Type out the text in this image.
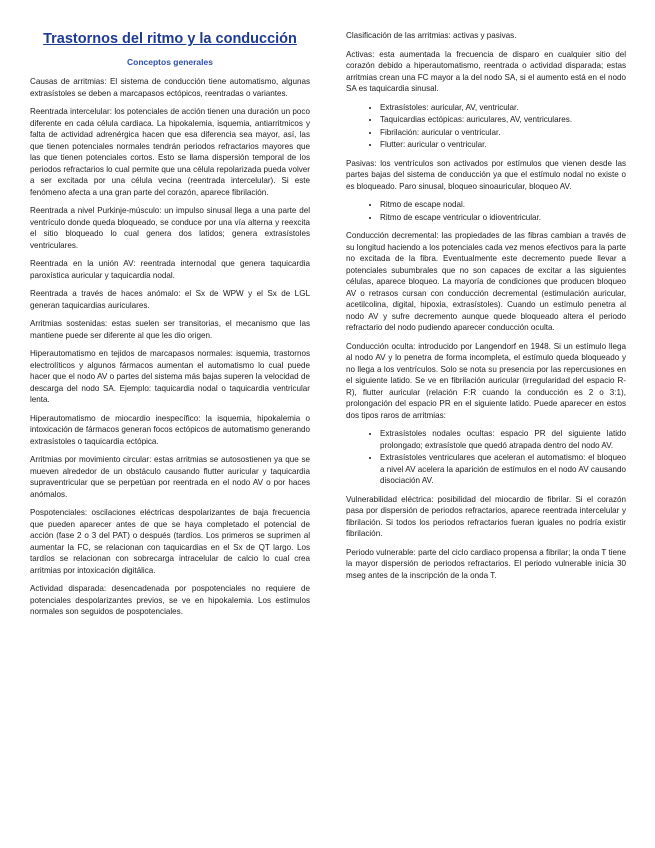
Trastornos del ritmo y la conducción
Conceptos generales

Causas de arritmias: El sistema de conducción tiene automatismo, algunas extrasístoles se deben a marcapasos ectópicos, reentradas o variantes.

Reentrada intercelular: los potenciales de acción tienen una duración un poco diferente en cada célula cardiaca. La hipokalemia, isquemia, antiarritmicos y falta de actividad adrenérgica hacen que esa diferencia sea mayor, así, las que tienen potenciales normales tendrán periodos refractarios mayores que las que tienen potenciales cortos. Esto se llama dispersión temporal de los periodos refractarios lo cual permite que una célula repolarizada pueda volver a ser excitada por una célula vecina (reentrada intercelular). Si este fenómeno afecta a una gran parte del corazón, aparece fibrilación.

Reentrada a nivel Purkinje-músculo: un impulso sinusal llega a una parte del ventrículo donde queda bloqueado, se conduce por una vía alterna y reexcita el sitio bloqueado lo cual genera dos latidos; genera extrasístoles ventriculares.

Reentrada en la unión AV: reentrada internodal que genera taquicardia paroxística auricular y taquicardia nodal.

Reentrada a través de haces anómalo: el Sx de WPW y el Sx de LGL generan taquicardias auriculares.

Arritmias sostenidas: estas suelen ser transitorias, el mecanismo que las mantiene puede ser diferente al que les dio origen.

Hiperautomatismo en tejidos de marcapasos normales: isquemia, trastornos electrolíticos y algunos fármacos aumentan el automatismo lo cual puede hacer que el nodo AV o partes del sistema más bajas superen la velocidad de descarga del nodo SA. Ejemplo: taquicardia nodal o taquicardia ventricular lenta.

Hiperautomatismo de miocardio inespecífico: la isquemia, hipokalemia o intoxicación de fármacos generan focos ectópicos de automatismo generando extrasístoles o taquicardia ectópica.

Arritmias por movimiento circular: estas arritmias se autosostienen ya que se mueven alrededor de un obstáculo causando flutter auricular y taquicardia supraventricular que se perpetúan por reentrada en el nodo AV o por haces anómalos.

Pospotenciales: oscilaciones eléctricas despolarizantes de baja frecuencia que pueden aparecer antes de que se haya completado el potencial de acción (fase 2 o 3 del PAT) o después (tardíos. Los primeros se suprimen al aumentar la FC, se relacionan con taquicardias en el Sx de QT largo. Los tardíos se relacionan con sobrecarga intracelular de calcio lo cual crea arritmias por intoxicación digitálica.

Actividad disparada: desencadenada por pospotenciales no requiere de potenciales despolarizantes previos, se ve en hipokalemia. Los estímulos normales son seguidos de pospotenciales.

Clasificación de las arritmias: activas y pasivas.

Activas: esta aumentada la frecuencia de disparo en cualquier sitio del corazón debido a hiperautomatismo, reentrada o actividad disparada; estas arritmias crean una FC mayor a la del nodo SA, si el aumento está en el nodo SA es taquicardia sinusal.

• Extrasístoles: auricular, AV, ventricular.
• Taquicardias ectópicas: auriculares, AV, ventriculares.
• Fibrilación: auricular o ventricular.
• Flutter: auricular o ventricular.

Pasivas: los ventrículos son activados por estímulos que vienen desde las partes bajas del sistema de conducción ya que el estímulo nodal no existe o es bloqueado. Paro sinusal, bloqueo sinoauricular, bloqueo AV.

• Ritmo de escape nodal.
• Ritmo de escape ventricular o idioventricular.

Conducción decremental: las propiedades de las fibras cambian a través de su longitud haciendo a los potenciales cada vez menos efectivos para la parte no excitada de la fibra. Eventualmente este decremento puede llevar a potenciales subumbrales que no son capaces de excitar a las siguientes células, aparece bloqueo. La mayoría de condiciones que producen bloqueo AV o retrasos cursan con conducción decremental (estimulación auricular, acetilcolina, digital, hipoxia, extrasístoles). Cuando un estímulo penetra al nodo AV y sufre decremento aunque quede bloqueado altera el periodo refractario del nodo pudiendo aparecer conducción oculta.

Conducción oculta: introducido por Langendorf en 1948. Si un estímulo llega al nodo AV y lo penetra de forma incompleta, el estímulo queda bloqueado y no llega a los ventrículos. Solo se nota su presencia por las repercusiones en el siguiente latido. Se ve en fibrilación auricular (irregularidad del espacio R-R), flutter auricular (relación F:R cuando la conducción es 2 o 3:1), prolongación del espacio PR en el siguiente latido. Puede aparecer en estos dos tipos raros de arritmias:

• Extrasístoles nodales ocultas: espacio PR del siguiente latido prolongado; extrasístole que quedó atrapada dentro del nodo AV.
• Extrasístoles ventriculares que aceleran el automatismo: el bloqueo a nivel AV acelera la aparición de estímulos en el nodo AV causando disociación AV.

Vulnerabilidad eléctrica: posibilidad del miocardio de fibrilar. Si el corazón pasa por dispersión de periodos refractarios, aparece reentrada intercelular y fibrilación. Si todos los periodos refractarios fueran iguales no podría existir fibrilación.

Periodo vulnerable: parte del ciclo cardiaco propensa a fibrilar; la onda T tiene la mayor dispersión de periodos refractarios. El periodo vulnerable inicia 30 mseg antes de la inscripción de la onda T.
